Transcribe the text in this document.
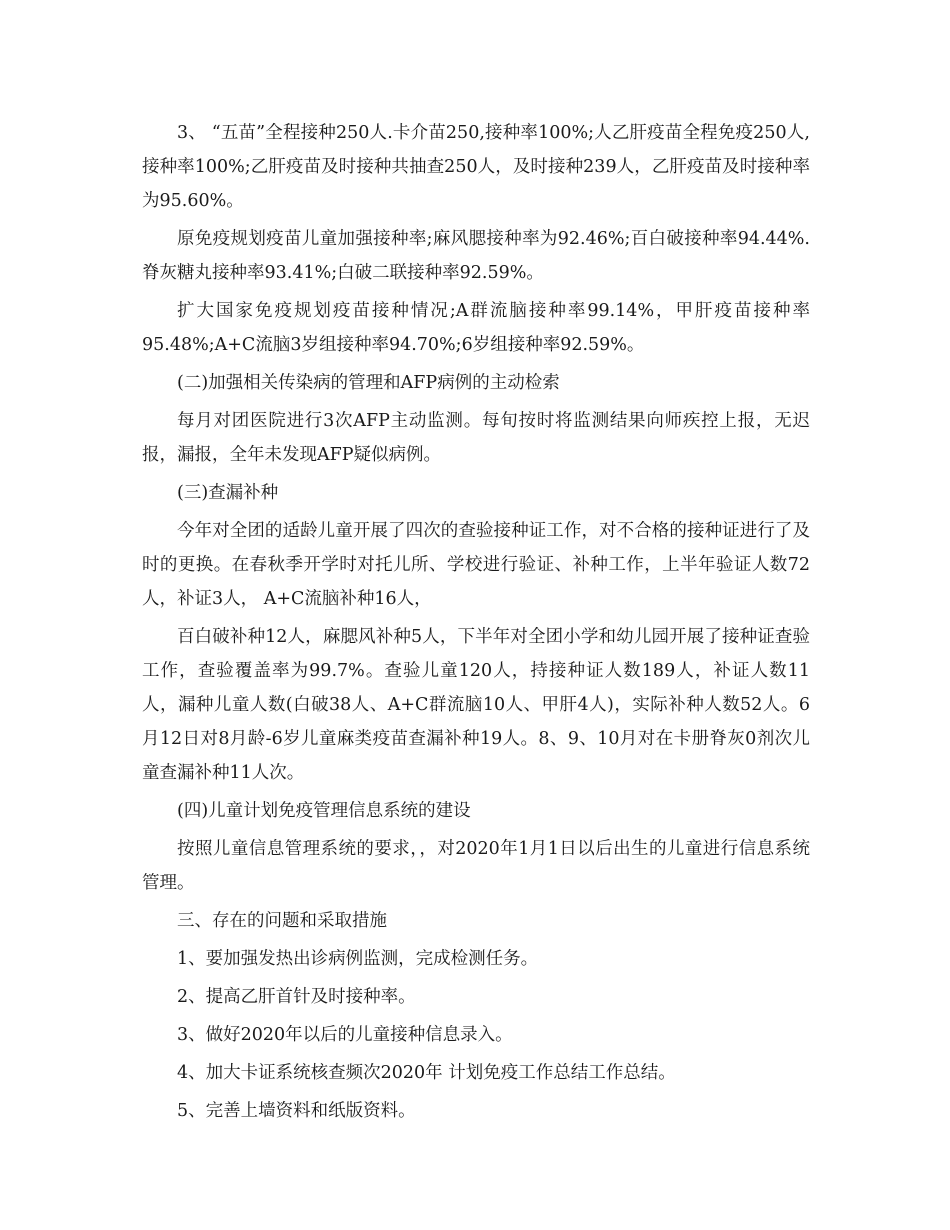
3、 “五苗”全程接种250人.卡介苗250,接种率100%;人乙肝疫苗全程免疫250人,接种率100%;乙肝疫苗及时接种共抽查250人，及时接种239人，乙肝疫苗及时接种率为95.60%。

原免疫规划疫苗儿童加强接种率;麻风腮接种率为92.46%;百白破接种率94.44%.脊灰糖丸接种率93.41%;白破二联接种率92.59%。

扩大国家免疫规划疫苗接种情况;A群流脑接种率99.14%，甲肝疫苗接种率95.48%;A+C流脑3岁组接种率94.70%;6岁组接种率92.59%。

(二)加强相关传染病的管理和AFP病例的主动检索

每月对团医院进行3次AFP主动监测。每旬按时将监测结果向师疾控上报，无迟报，漏报，全年未发现AFP疑似病例。

(三)查漏补种

今年对全团的适龄儿童开展了四次的查验接种证工作，对不合格的接种证进行了及时的更换。在春秋季开学时对托儿所、学校进行验证、补种工作，上半年验证人数72人，补证3人， A+C流脑补种16人，

百白破补种12人，麻腮风补种5人，下半年对全团小学和幼儿园开展了接种证查验工作，查验覆盖率为99.7%。查验儿童120人，持接种证人数189人，补证人数11人，漏种儿童人数(白破38人、A+C群流脑10人、甲肝4人)，实际补种人数52人。6月12日对8月龄-6岁儿童麻类疫苗查漏补种19人。8、9、10月对在卡册脊灰0剂次儿童查漏补种11人次。

(四)儿童计划免疫管理信息系统的建设

按照儿童信息管理系统的要求，，对2020年1月1日以后出生的儿童进行信息系统管理。

三、存在的问题和采取措施

1、要加强发热出诊病例监测，完成检测任务。

2、提高乙肝首针及时接种率。

3、做好2020年以后的儿童接种信息录入。

4、加大卡证系统核查频次2020年 计划免疫工作总结工作总结。

5、完善上墙资料和纸版资料。
